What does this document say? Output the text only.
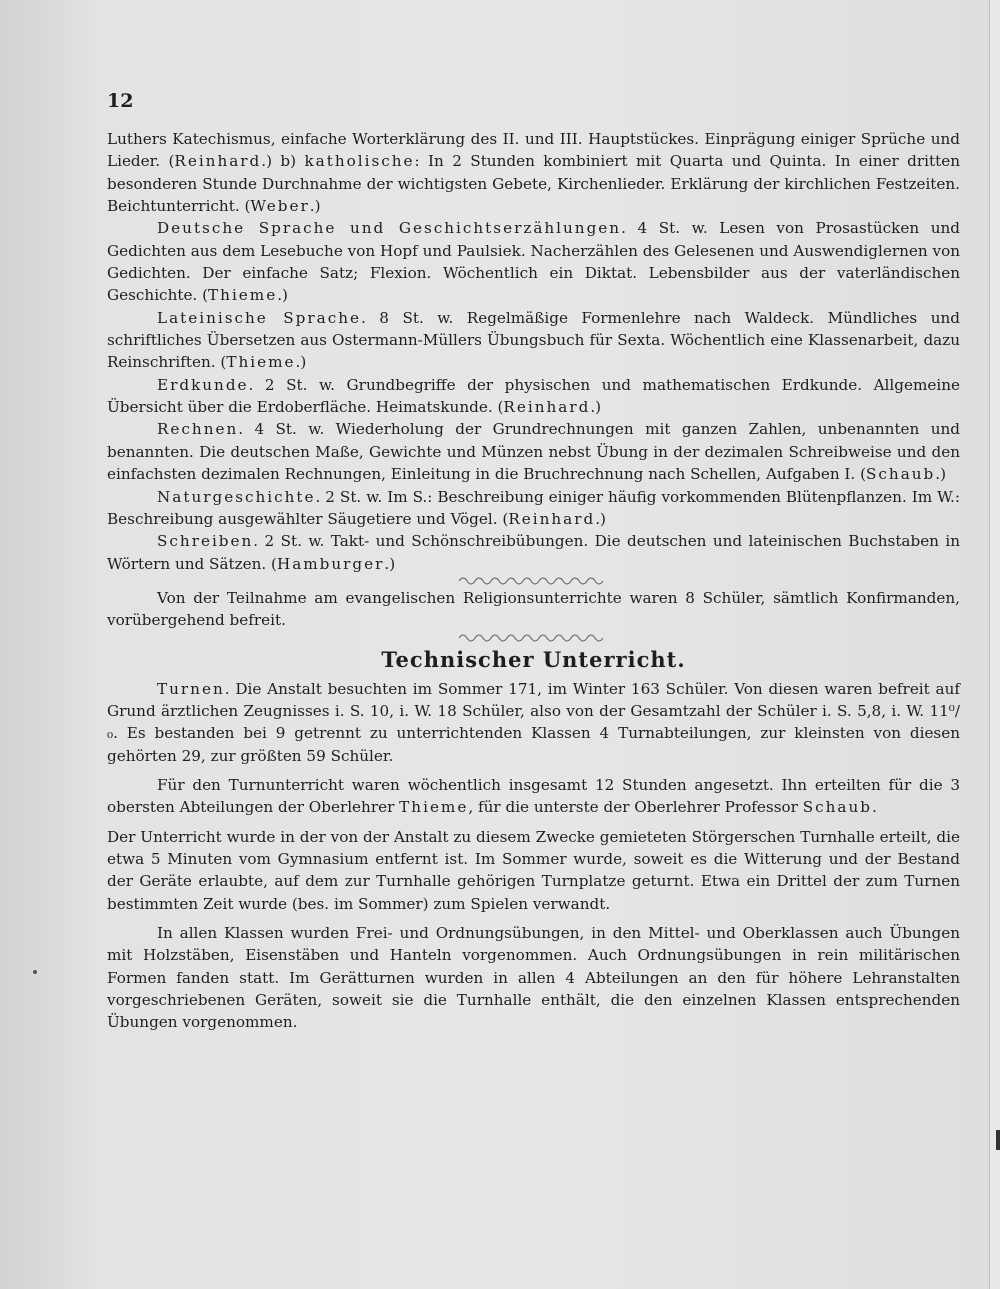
12

Luthers Katechismus, einfache Worterklärung des II. und III. Hauptstückes. Einprägung einiger Sprüche und Lieder. (Reinhard.) b) katholische: In 2 Stunden kombiniert mit Quarta und Quinta. In einer dritten besonderen Stunde Durchnahme der wichtigsten Gebete, Kirchenlieder. Erklärung der kirchlichen Festzeiten. Beichtunterricht. (Weber.)

Deutsche Sprache und Geschichtserzählungen. 4 St. w. Lesen von Prosastücken und Gedichten aus dem Lesebuche von Hopf und Paulsiek. Nacherzählen des Gelesenen und Auswendiglernen von Gedichten. Der einfache Satz; Flexion. Wöchentlich ein Diktat. Lebensbilder aus der vaterländischen Geschichte. (Thieme.)

Lateinische Sprache. 8 St. w. Regelmäßige Formenlehre nach Waldeck. Mündliches und schriftliches Übersetzen aus Ostermann-Müllers Übungsbuch für Sexta. Wöchentlich eine Klassenarbeit, dazu Reinschriften. (Thieme.)

Erdkunde. 2 St. w. Grundbegriffe der physischen und mathematischen Erdkunde. Allgemeine Übersicht über die Erdoberfläche. Heimatskunde. (Reinhard.)

Rechnen. 4 St. w. Wiederholung der Grundrechnungen mit ganzen Zahlen, unbenannten und benannten. Die deutschen Maße, Gewichte und Münzen nebst Übung in der dezimalen Schreibweise und den einfachsten dezimalen Rechnungen, Einleitung in die Bruchrechnung nach Schellen, Aufgaben I. (Schaub.)

Naturgeschichte. 2 St. w. Im S.: Beschreibung einiger häufig vorkommenden Blütenpflanzen. Im W.: Beschreibung ausgewählter Säugetiere und Vögel. (Reinhard.)

Schreiben. 2 St. w. Takt- und Schönschreibübungen. Die deutschen und lateinischen Buchstaben in Wörtern und Sätzen. (Hamburger.)

Von der Teilnahme am evangelischen Religionsunterrichte waren 8 Schüler, sämtlich Konfirmanden, vorübergehend befreit.

Technischer Unterricht.

Turnen. Die Anstalt besuchten im Sommer 171, im Winter 163 Schüler. Von diesen waren befreit auf Grund ärztlichen Zeugnisses i. S. 10, i. W. 18 Schüler, also von der Gesamtzahl der Schüler i. S. 5,8, i. W. 11⁰/₀. Es bestanden bei 9 getrennt zu unterrichtenden Klassen 4 Turnabteilungen, zur kleinsten von diesen gehörten 29, zur größten 59 Schüler.

Für den Turnunterricht waren wöchentlich insgesamt 12 Stunden angesetzt. Ihn erteilten für die 3 obersten Abteilungen der Oberlehrer Thieme, für die unterste der Oberlehrer Professor Schaub.

Der Unterricht wurde in der von der Anstalt zu diesem Zwecke gemieteten Störgerschen Turnhalle erteilt, die etwa 5 Minuten vom Gymnasium entfernt ist. Im Sommer wurde, soweit es die Witterung und der Bestand der Geräte erlaubte, auf dem zur Turnhalle gehörigen Turnplatze geturnt. Etwa ein Drittel der zum Turnen bestimmten Zeit wurde (bes. im Sommer) zum Spielen verwandt.

In allen Klassen wurden Frei- und Ordnungsübungen, in den Mittel- und Oberklassen auch Übungen mit Holzstäben, Eisenstäben und Hanteln vorgenommen. Auch Ordnungsübungen in rein militärischen Formen fanden statt. Im Gerätturnen wurden in allen 4 Abteilungen an den für höhere Lehranstalten vorgeschriebenen Geräten, soweit sie die Turnhalle enthält, die den einzelnen Klassen entsprechenden Übungen vorgenommen.
